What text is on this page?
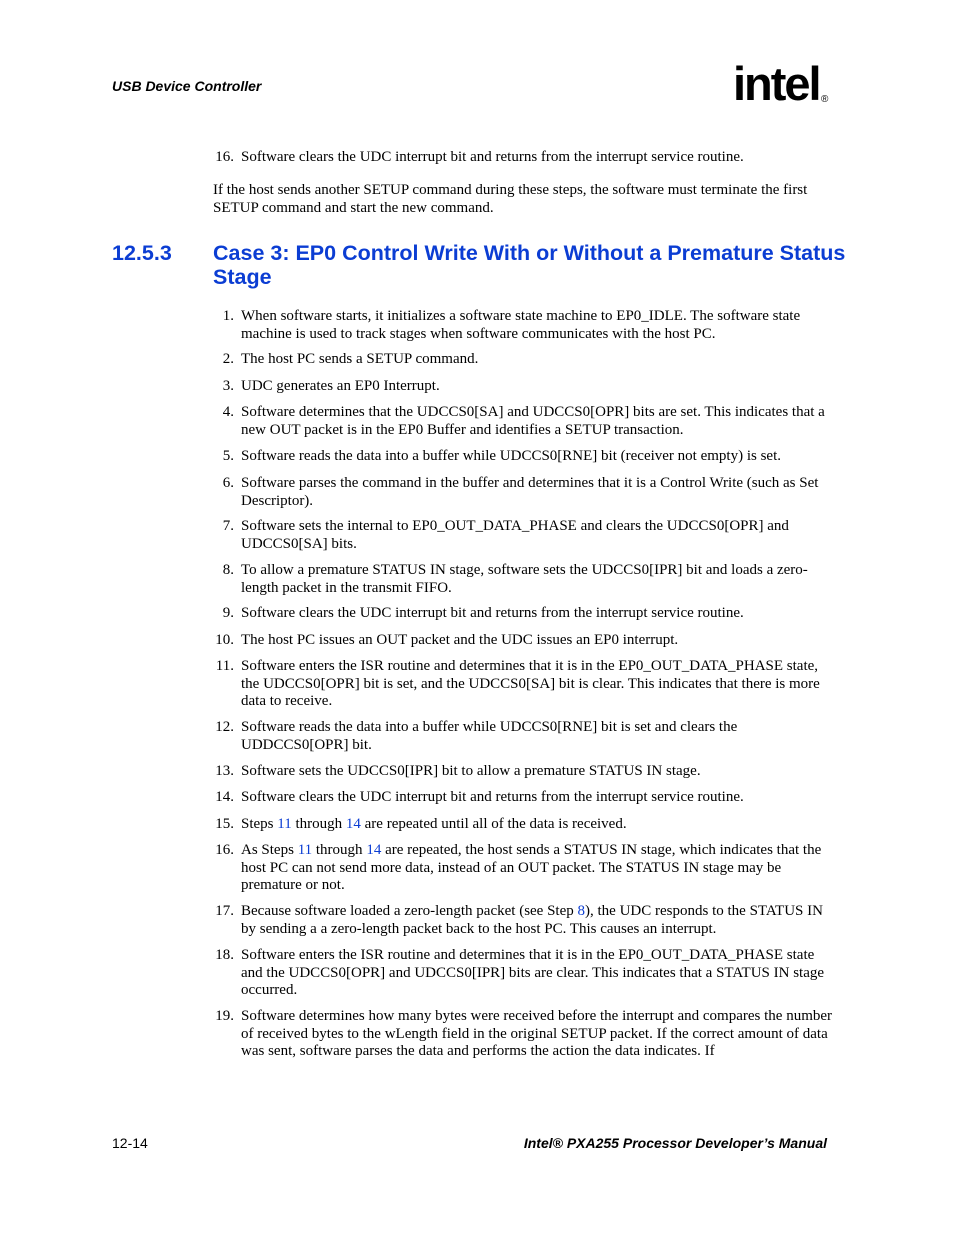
USB Device Controller	intel ®
16. Software clears the UDC interrupt bit and returns from the interrupt service routine.
If the host sends another SETUP command during these steps, the software must terminate the first SETUP command and start the new command.
12.5.3 Case 3: EP0 Control Write With or Without a Premature Status Stage
1. When software starts, it initializes a software state machine to EP0_IDLE. The software state machine is used to track stages when software communicates with the host PC.
2. The host PC sends a SETUP command.
3. UDC generates an EP0 Interrupt.
4. Software determines that the UDCCS0[SA] and UDCCS0[OPR] bits are set. This indicates that a new OUT packet is in the EP0 Buffer and identifies a SETUP transaction.
5. Software reads the data into a buffer while UDCCS0[RNE] bit (receiver not empty) is set.
6. Software parses the command in the buffer and determines that it is a Control Write (such as Set Descriptor).
7. Software sets the internal to EP0_OUT_DATA_PHASE and clears the UDCCS0[OPR] and UDCCS0[SA] bits.
8. To allow a premature STATUS IN stage, software sets the UDCCS0[IPR] bit and loads a zero-length packet in the transmit FIFO.
9. Software clears the UDC interrupt bit and returns from the interrupt service routine.
10. The host PC issues an OUT packet and the UDC issues an EP0 interrupt.
11. Software enters the ISR routine and determines that it is in the EP0_OUT_DATA_PHASE state, the UDCCS0[OPR] bit is set, and the UDCCS0[SA] bit is clear. This indicates that there is more data to receive.
12. Software reads the data into a buffer while UDCCS0[RNE] bit is set and clears the UDDCCS0[OPR] bit.
13. Software sets the UDCCS0[IPR] bit to allow a premature STATUS IN stage.
14. Software clears the UDC interrupt bit and returns from the interrupt service routine.
15. Steps 11 through 14 are repeated until all of the data is received.
16. As Steps 11 through 14 are repeated, the host sends a STATUS IN stage, which indicates that the host PC can not send more data, instead of an OUT packet. The STATUS IN stage may be premature or not.
17. Because software loaded a zero-length packet (see Step 8), the UDC responds to the STATUS IN by sending a a zero-length packet back to the host PC. This causes an interrupt.
18. Software enters the ISR routine and determines that it is in the EP0_OUT_DATA_PHASE state and the UDCCS0[OPR] and UDCCS0[IPR] bits are clear. This indicates that a STATUS IN stage occurred.
19. Software determines how many bytes were received before the interrupt and compares the number of received bytes to the wLength field in the original SETUP packet. If the correct amount of data was sent, software parses the data and performs the action the data indicates. If
12-14	Intel® PXA255 Processor Developer’s Manual
